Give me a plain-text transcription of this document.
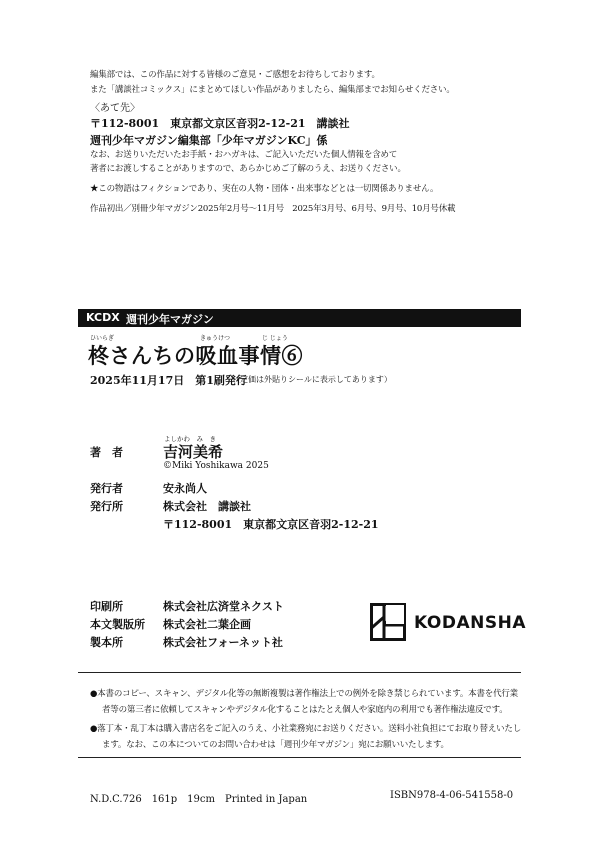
編集部では、この作品に対する皆様のご意見・ご感想をお待ちしております。
また「講談社コミックス」にまとめてほしい作品がありましたら、編集部までお知らせください。
〈あて先〉
〒112-8001　東京都文京区音羽2-12-21　講談社
週刊少年マガジン編集部「少年マガジンKC」係
なお、お送りいただいたお手紙・おハガキは、ご記入いただいた個人情報を含めて
著者にお渡しすることがありますので、あらかじめご了解のうえ、お送りください。
★この物語はフィクションであり、実在の人物・団体・出来事などとは一切関係ありません。
作品初出／別冊少年マガジン2025年2月号～11月号　2025年3月号、6月号、9月号、10月号休載
KCDX 週刊少年マガジン
ひいらぎ	きゅうけつ	じ じょう
柊さんちの吸血事情⑥
2025年11月17日　第1刷発行
（定価は外貼りシールに表示してあります）
よしかわ　み　き
著　者	吉河美希
©Miki Yoshikawa 2025
発行者	安永尚人
発行所	株式会社　講談社
〒112-8001　東京都文京区音羽2-12-21
印刷所	株式会社広済堂ネクスト
本文製版所 株式会社二葉企画
製本所	株式会社フォーネット社
KODANSHA
●本書のコピー、スキャン、デジタル化等の無断複製は著作権法上での例外を除き禁じられています。本書を代行業
者等の第三者に依頼してスキャンやデジタル化することはたとえ個人や家庭内の利用でも著作権法違反です。
●落丁本・乱丁本は購入書店名をご記入のうえ、小社業務宛にお送りください。送料小社負担にてお取り替えいたし
ます。なお、この本についてのお問い合わせは「週刊少年マガジン」宛にお願いいたします。
N.D.C.726　161p　19cm　Printed in Japan	ISBN978-4-06-541558-0
